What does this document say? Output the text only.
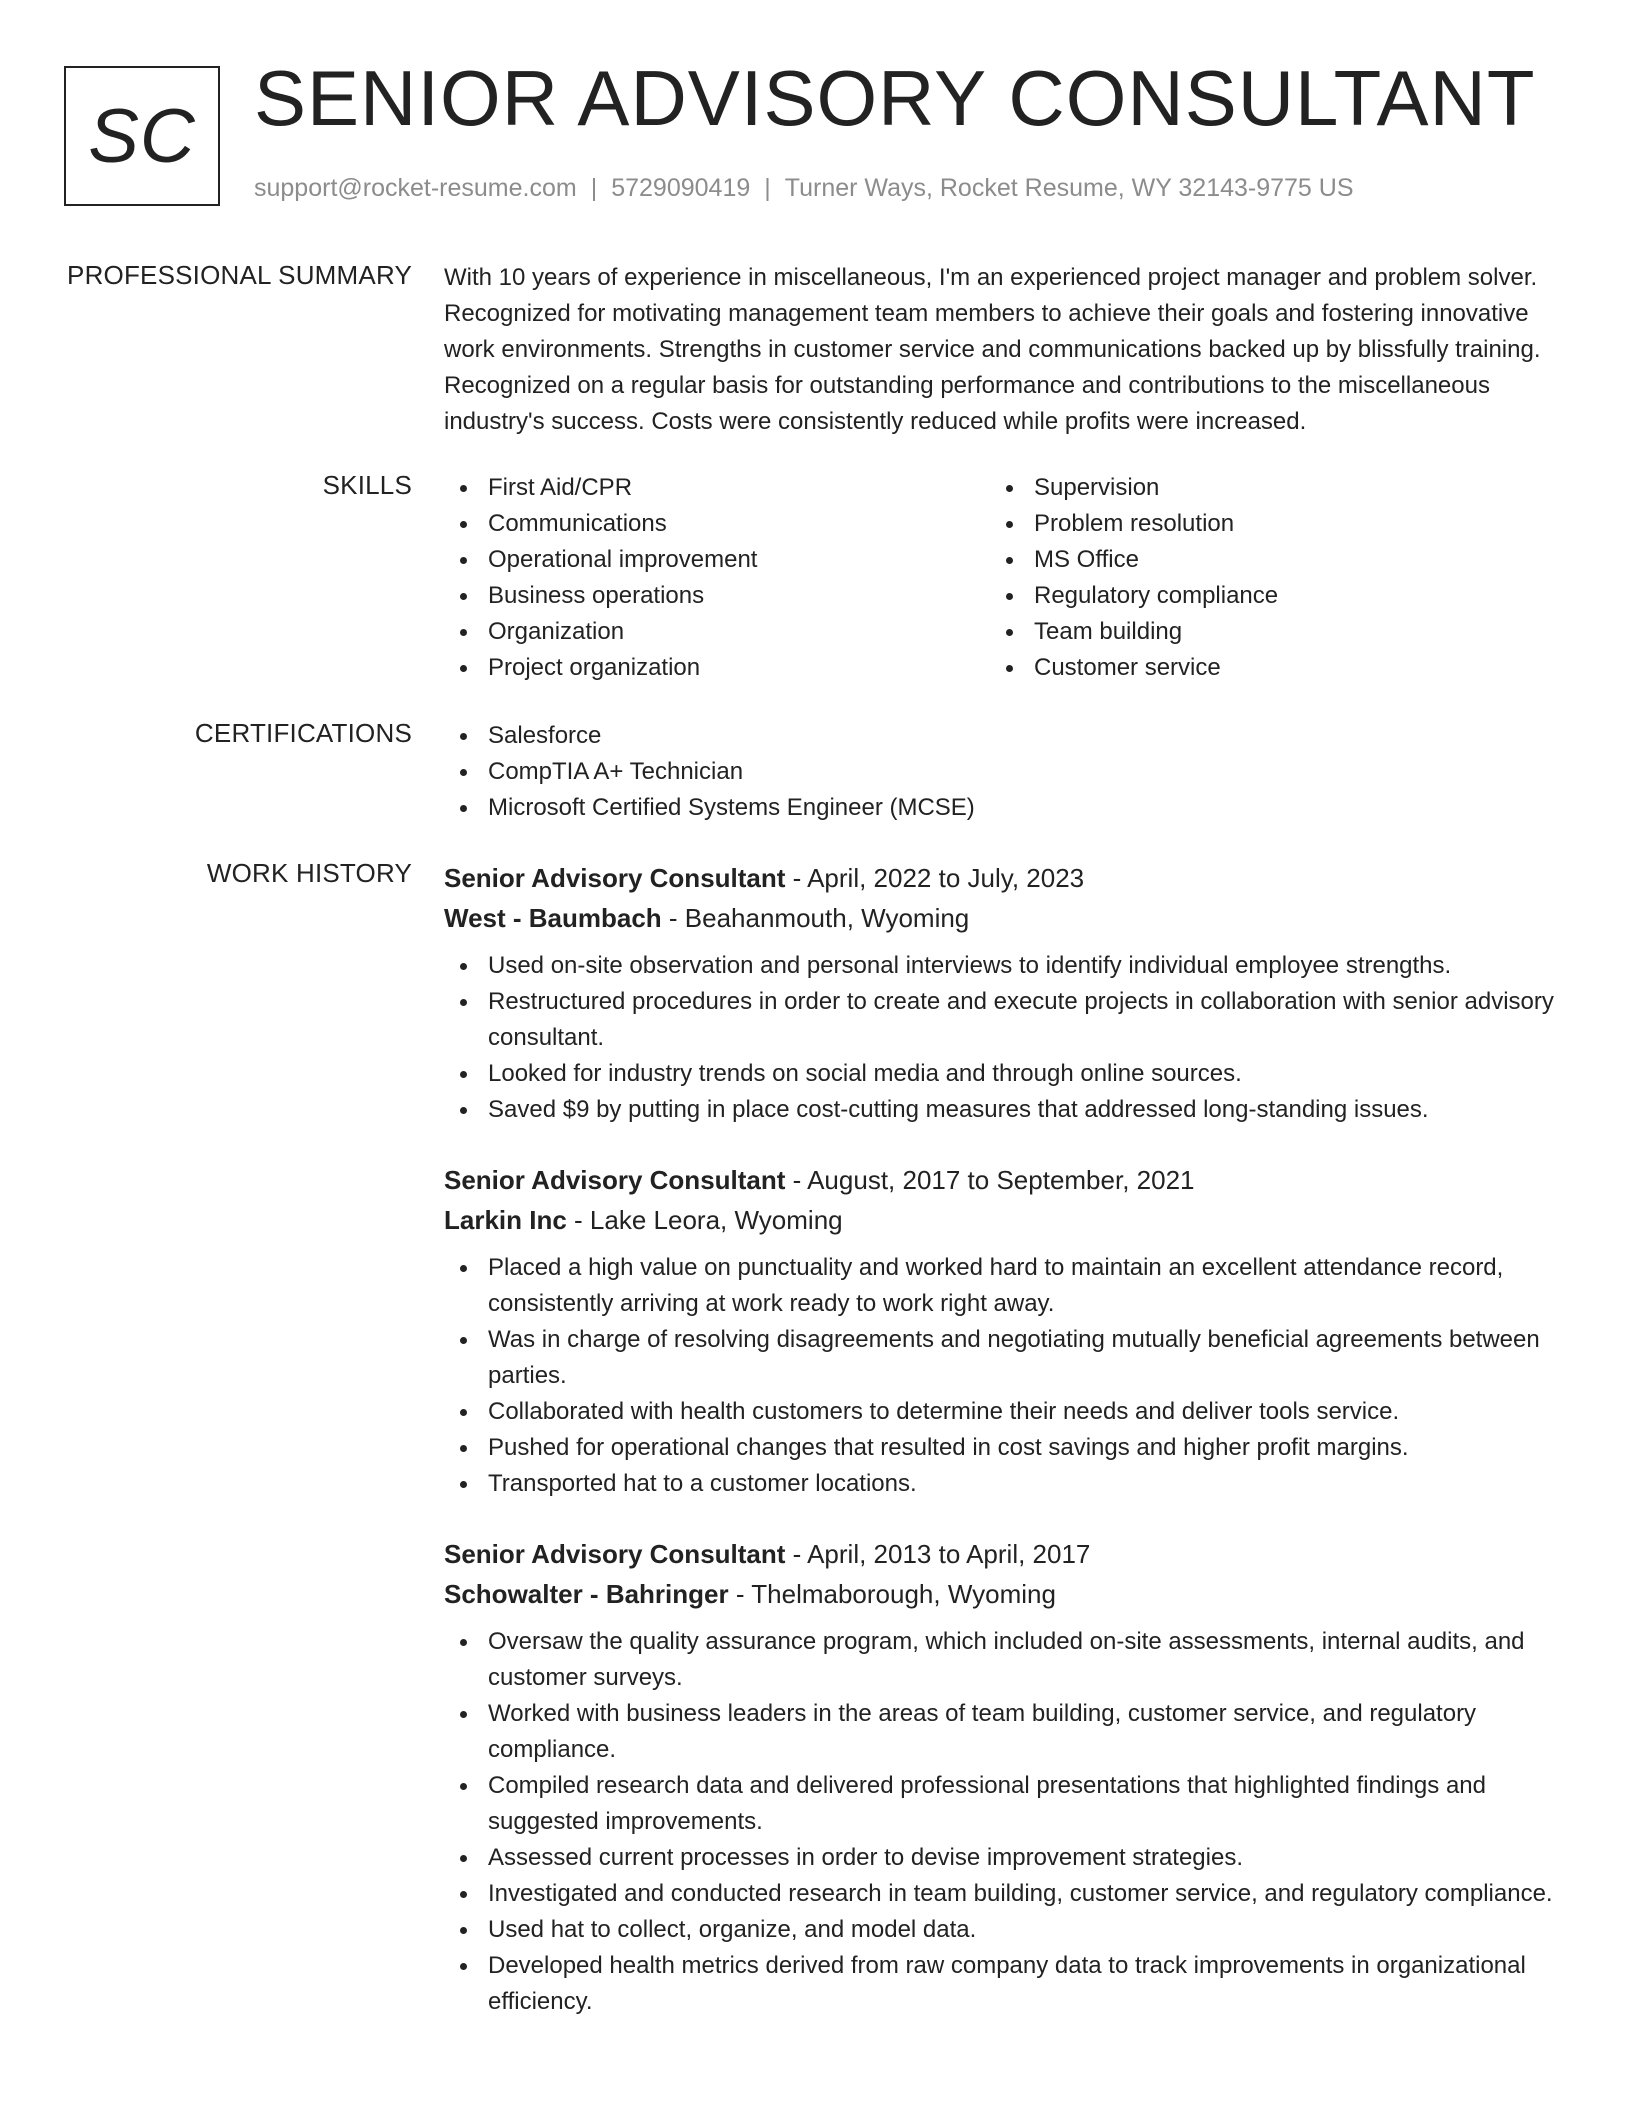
SC SENIOR ADVISORY CONSULTANT
support@rocket-resume.com | 5729090419 | Turner Ways, Rocket Resume, WY 32143-9775 US
PROFESSIONAL SUMMARY With 10 years of experience in miscellaneous, I'm an experienced project manager and problem solver. Recognized for motivating management team members to achieve their goals and fostering innovative work environments. Strengths in customer service and communications backed up by blissfully training. Recognized on a regular basis for outstanding performance and contributions to the miscellaneous industry's success. Costs were consistently reduced while profits were increased.

SKILLS	First Aid/CPR
Communications
Operational improvement
Business operations
Organization
Project organization
Supervision
Problem resolution
MS Office
Regulatory compliance
Team building
Customer service
CERTIFICATIONS	Salesforce
CompTIA A+ Technician
Microsoft Certified Systems Engineer (MCSE)
WORK HISTORY Senior Advisory Consultant - April, 2022 to July, 2023
West - Baumbach - Beahanmouth, Wyoming
Used on-site observation and personal interviews to identify individual employee strengths.
Restructured procedures in order to create and execute projects in collaboration with senior advisory consultant.
Looked for industry trends on social media and through online sources.
Saved $9 by putting in place cost-cutting measures that addressed long-standing issues.
Senior Advisory Consultant - August, 2017 to September, 2021
Larkin Inc - Lake Leora, Wyoming
Placed a high value on punctuality and worked hard to maintain an excellent attendance record, consistently arriving at work ready to work right away.
Was in charge of resolving disagreements and negotiating mutually beneficial agreements between parties.
Collaborated with health customers to determine their needs and deliver tools service.
Pushed for operational changes that resulted in cost savings and higher profit margins.
Transported hat to a customer locations.
Senior Advisory Consultant - April, 2013 to April, 2017
Schowalter - Bahringer - Thelmaborough, Wyoming
Oversaw the quality assurance program, which included on-site assessments, internal audits, and customer surveys.
Worked with business leaders in the areas of team building, customer service, and regulatory compliance.
Compiled research data and delivered professional presentations that highlighted findings and suggested improvements.
Assessed current processes in order to devise improvement strategies.
Investigated and conducted research in team building, customer service, and regulatory compliance.
Used hat to collect, organize, and model data.
Developed health metrics derived from raw company data to track improvements in organizational efficiency.
